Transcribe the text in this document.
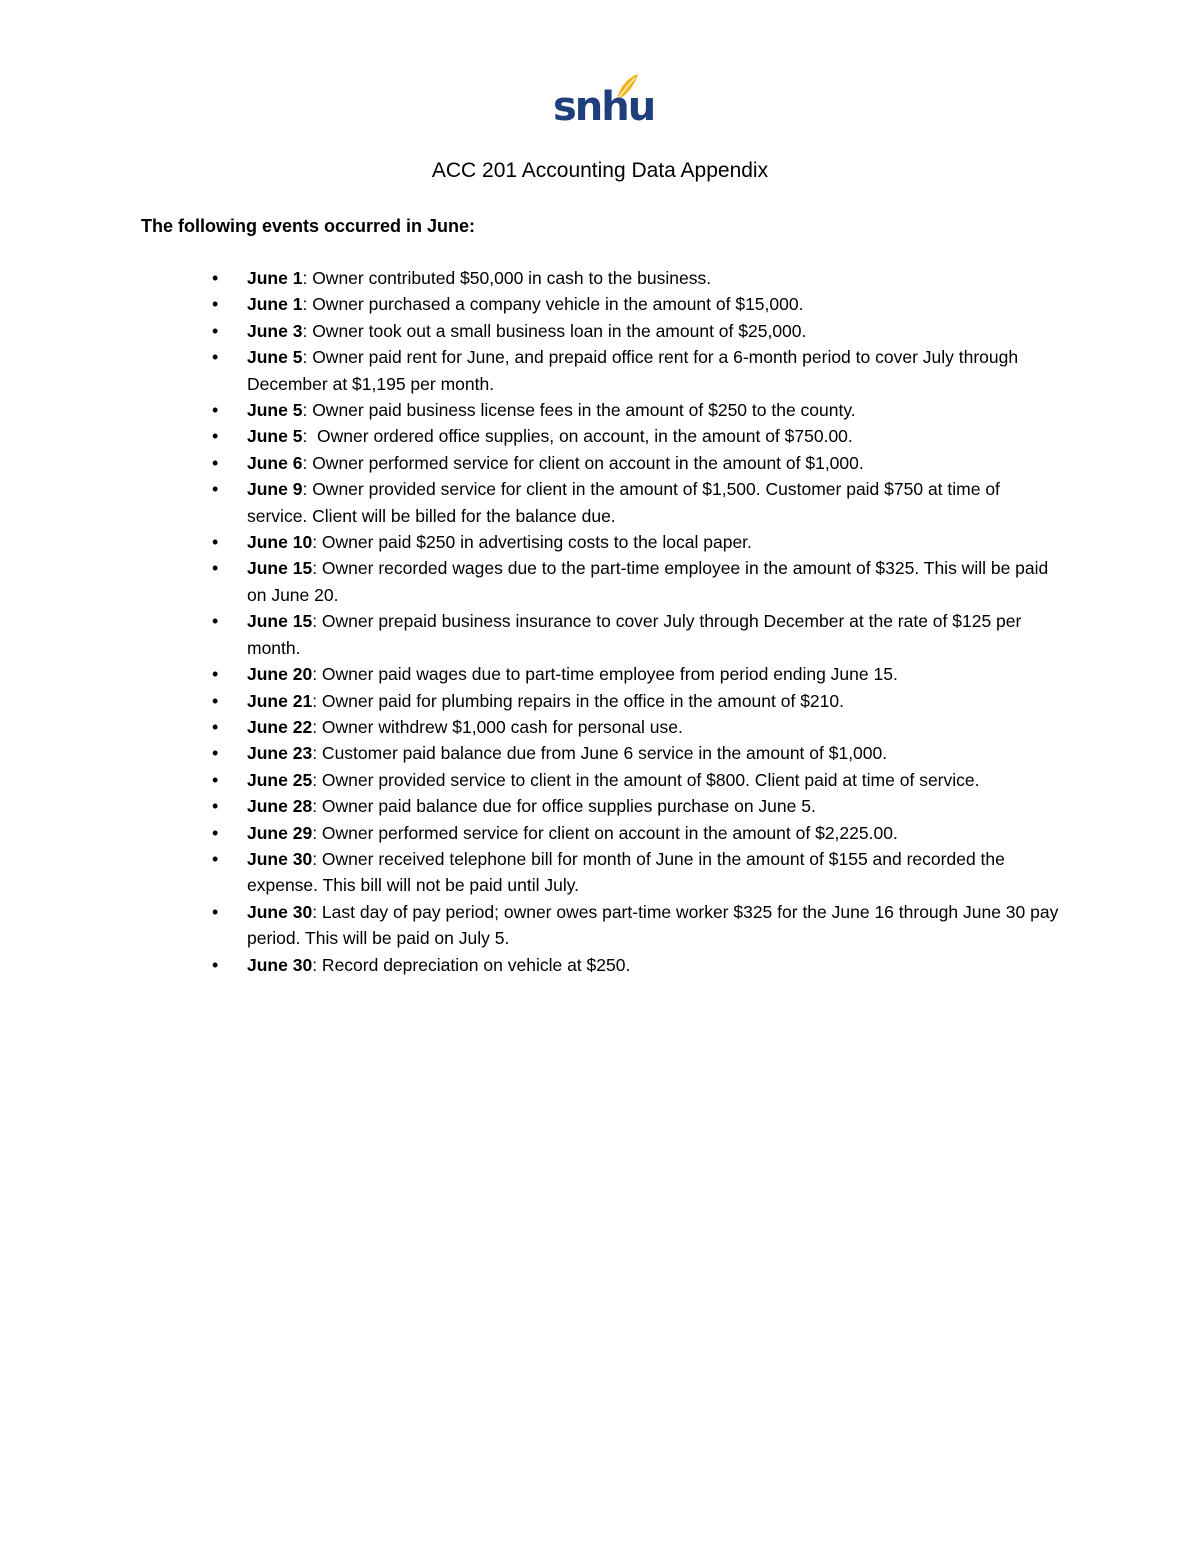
snhu
ACC 201 Accounting Data Appendix
The following events occurred in June:
• June 1: Owner contributed $50,000 in cash to the business.
• June 1: Owner purchased a company vehicle in the amount of $15,000.
• June 3: Owner took out a small business loan in the amount of $25,000.
• June 5: Owner paid rent for June, and prepaid office rent for a 6-month period to cover July through December at $1,195 per month.
• June 5: Owner paid business license fees in the amount of $250 to the county.
• June 5:  Owner ordered office supplies, on account, in the amount of $750.00.
• June 6: Owner performed service for client on account in the amount of $1,000.
• June 9: Owner provided service for client in the amount of $1,500. Customer paid $750 at time of service. Client will be billed for the balance due.
• June 10: Owner paid $250 in advertising costs to the local paper.
• June 15: Owner recorded wages due to the part-time employee in the amount of $325. This will be paid on June 20.
• June 15: Owner prepaid business insurance to cover July through December at the rate of $125 per month.
• June 20: Owner paid wages due to part-time employee from period ending June 15.
• June 21: Owner paid for plumbing repairs in the office in the amount of $210.
• June 22: Owner withdrew $1,000 cash for personal use.
• June 23: Customer paid balance due from June 6 service in the amount of $1,000.
• June 25: Owner provided service to client in the amount of $800. Client paid at time of service.
• June 28: Owner paid balance due for office supplies purchase on June 5.
• June 29: Owner performed service for client on account in the amount of $2,225.00.
• June 30: Owner received telephone bill for month of June in the amount of $155 and recorded the expense. This bill will not be paid until July.
• June 30: Last day of pay period; owner owes part-time worker $325 for the June 16 through June 30 pay period. This will be paid on July 5.
• June 30: Record depreciation on vehicle at $250.
